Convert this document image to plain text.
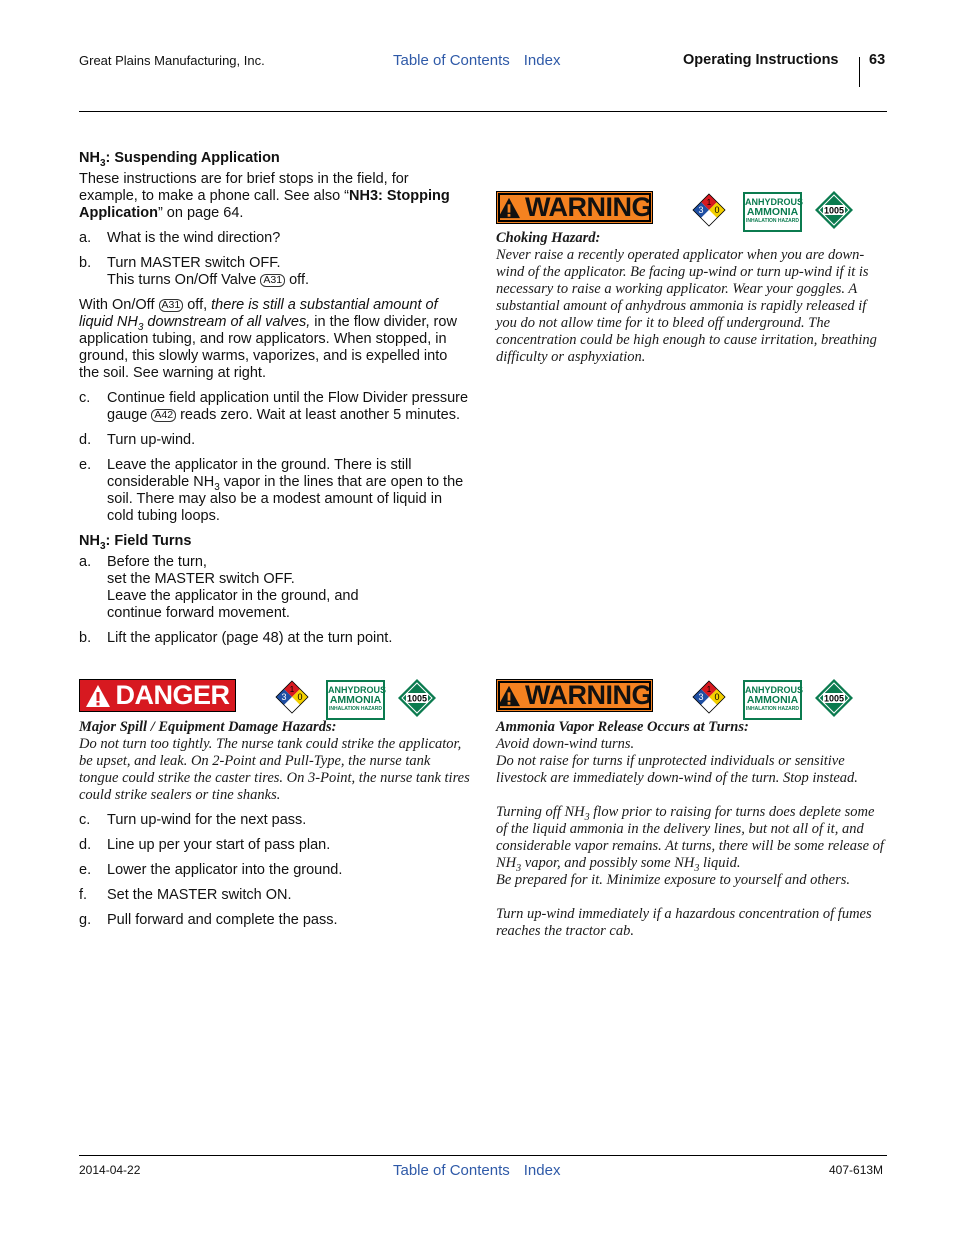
Great Plains Manufacturing, Inc.	Table of Contents Index	Operating Instructions 63

$NH_3$: Suspending Application

These instructions are for brief stops in the field, for example, to make a phone call. See also “NH3: Stopping Application” on page 64.

a. What is the wind direction?
b. Turn MASTER switch OFF.
This turns On/Off Valve A31 off.

With On/Off A31 off, there is still a substantial amount of liquid $NH_3$ downstream of all valves, in the flow divider, row application tubing, and row applicators. When stopped, in ground, this slowly warms, vaporizes, and is expelled into the soil. See warning at right.

c. Continue field application until the Flow Divider pressure gauge A42 reads zero. Wait at least another 5 minutes.
d. Turn up-wind.
e. Leave the applicator in the ground. There is still considerable $NH_3$ vapor in the lines that are open to the soil. There may also be a modest amount of liquid in cold tubing loops.

$NH_3$: Field Turns

a. Before the turn,
set the MASTER switch OFF.
Leave the applicator in the ground, and
continue forward movement.
b. Lift the applicator (page 48) at the turn point.
DANGER	1
3 0
ANHYDROUS
AMMONIA
INHALATION HAZARD
1005
Major Spill / Equipment Damage Hazards:
Do not turn too tightly. The nurse tank could strike the applicator, be upset, and leak. On 2-Point and Pull-Type, the nurse tank tongue could strike the caster tires. On 3-Point, the nurse tank tires could strike sealers or tine shanks.
c. Turn up-wind for the next pass.
d. Line up per your start of pass plan.
e. Lower the applicator into the ground.
f. Set the MASTER switch ON.
g. Pull forward and complete the pass.
WARNING	1
3 0
ANHYDROUS
AMMONIA
INHALATION HAZARD
1005
Choking Hazard:
Never raise a recently operated applicator when you are down-wind of the applicator. Be facing up-wind or turn up-wind if it is necessary to raise a working applicator. Wear your goggles. A substantial amount of anhydrous ammonia is rapidly released if you do not allow time for it to bleed off underground. The concentration could be high enough to cause irritation, breathing difficulty or asphyxiation.
WARNING	1
3 0
ANHYDROUS
AMMONIA
INHALATION HAZARD
1005
Ammonia Vapor Release Occurs at Turns:
Avoid down-wind turns.
Do not raise for turns if unprotected individuals or sensitive livestock are immediately down-wind of the turn. Stop instead.
Turning off $NH_3$ flow prior to raising for turns does deplete some of the liquid ammonia in the delivery lines, but not all of it, and considerable vapor remains. At turns, there will be some release of $NH_3$ vapor, and possibly some $NH_3$ liquid.
Be prepared for it. Minimize exposure to yourself and others.
Turn up-wind immediately if a hazardous concentration of fumes reaches the tractor cab.
2014-04-22	Table of Contents Index	407-613M
